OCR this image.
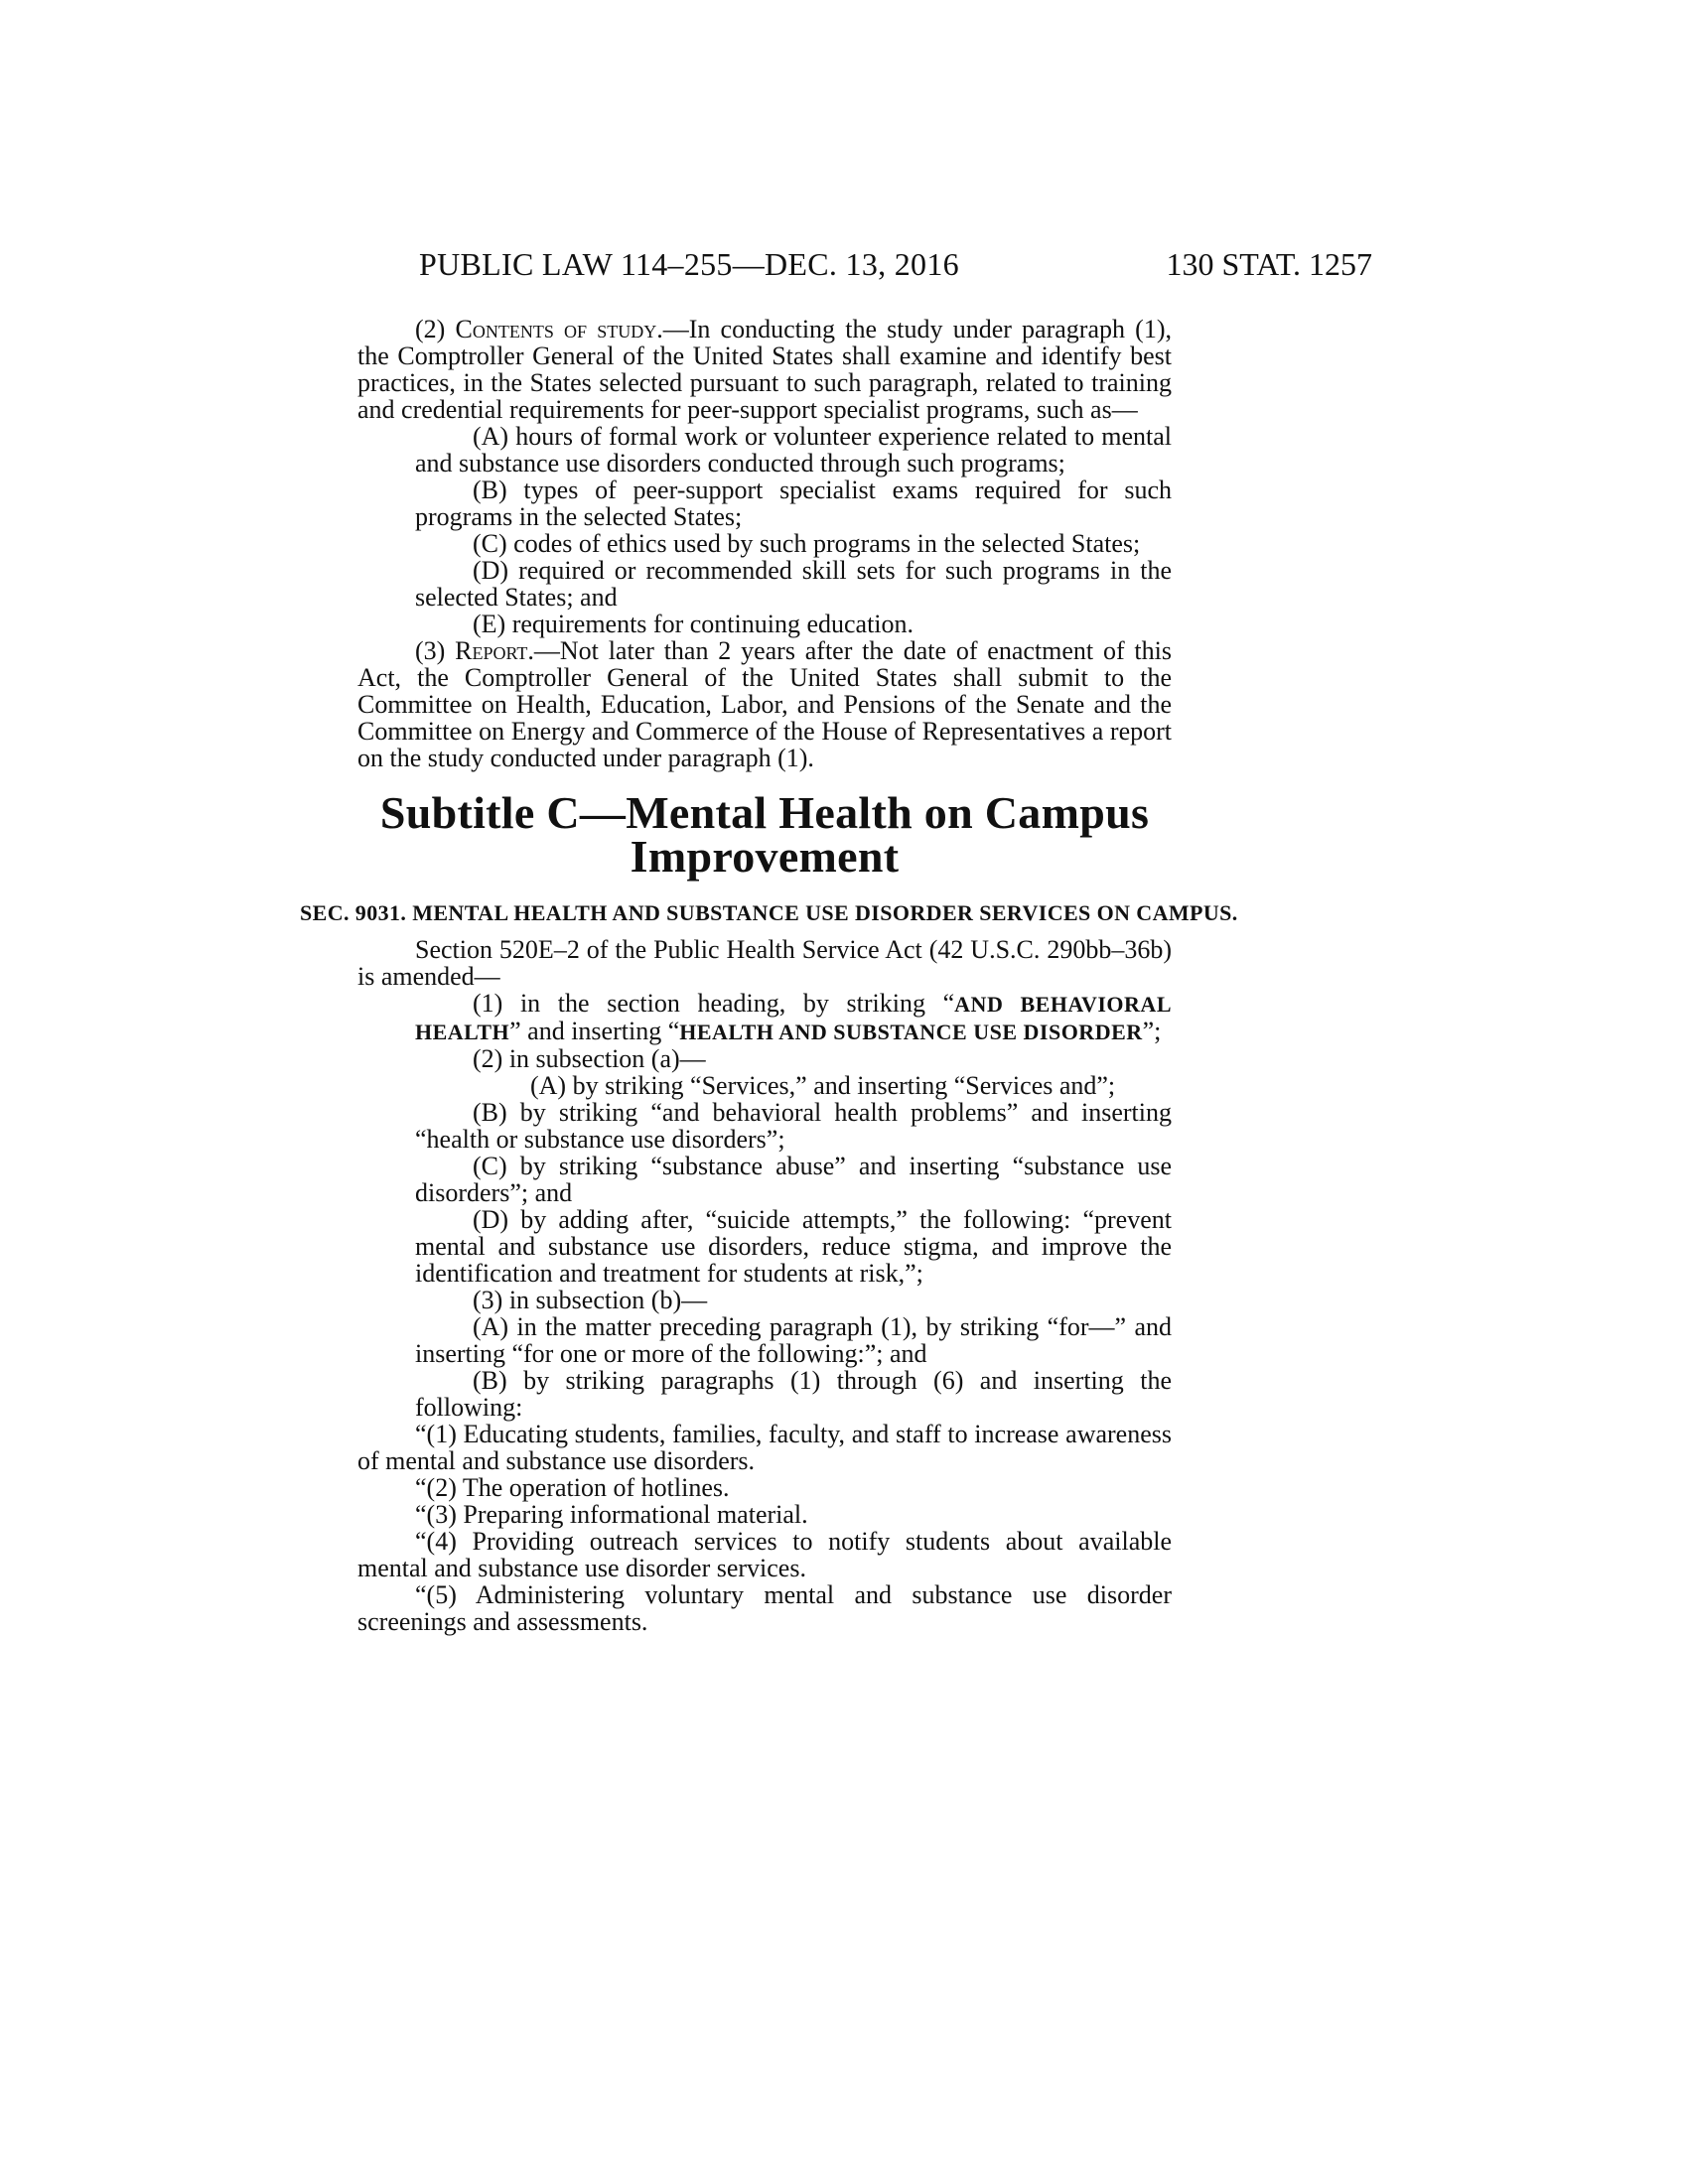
PUBLIC LAW 114–255—DEC. 13, 2016	130 STAT. 1257

(2) Contents of study.—In conducting the study under paragraph (1), the Comptroller General of the United States shall examine and identify best practices, in the States selected pursuant to such paragraph, related to training and credential requirements for peer-support specialist programs, such as—

(A) hours of formal work or volunteer experience related to mental and substance use disorders conducted through such programs;

(B) types of peer-support specialist exams required for such programs in the selected States;

(C) codes of ethics used by such programs in the selected States;

(D) required or recommended skill sets for such programs in the selected States; and

(E) requirements for continuing education.

(3) Report.—Not later than 2 years after the date of enactment of this Act, the Comptroller General of the United States shall submit to the Committee on Health, Education, Labor, and Pensions of the Senate and the Committee on Energy and Commerce of the House of Representatives a report on the study conducted under paragraph (1).

Subtitle C—Mental Health on Campus
Improvement
SEC. 9031. MENTAL HEALTH AND SUBSTANCE USE DISORDER SERVICES ON CAMPUS.

Section 520E–2 of the Public Health Service Act (42 U.S.C. 290bb–36b) is amended—

(1) in the section heading, by striking “AND BEHAVIORAL HEALTH” and inserting “HEALTH AND SUBSTANCE USE DISORDER”;

(2) in subsection (a)—

(A) by striking “Services,” and inserting “Services and”;

(B) by striking “and behavioral health problems” and inserting “health or substance use disorders”;

(C) by striking “substance abuse” and inserting “substance use disorders”; and

(D) by adding after, “suicide attempts,” the following: “prevent mental and substance use disorders, reduce stigma, and improve the identification and treatment for students at risk,”;

(3) in subsection (b)—

(A) in the matter preceding paragraph (1), by striking “for—” and inserting “for one or more of the following:”; and

(B) by striking paragraphs (1) through (6) and inserting the following:

“(1) Educating students, families, faculty, and staff to increase awareness of mental and substance use disorders.

“(2) The operation of hotlines.

“(3) Preparing informational material.

“(4) Providing outreach services to notify students about available mental and substance use disorder services.

“(5) Administering voluntary mental and substance use disorder screenings and assessments.
